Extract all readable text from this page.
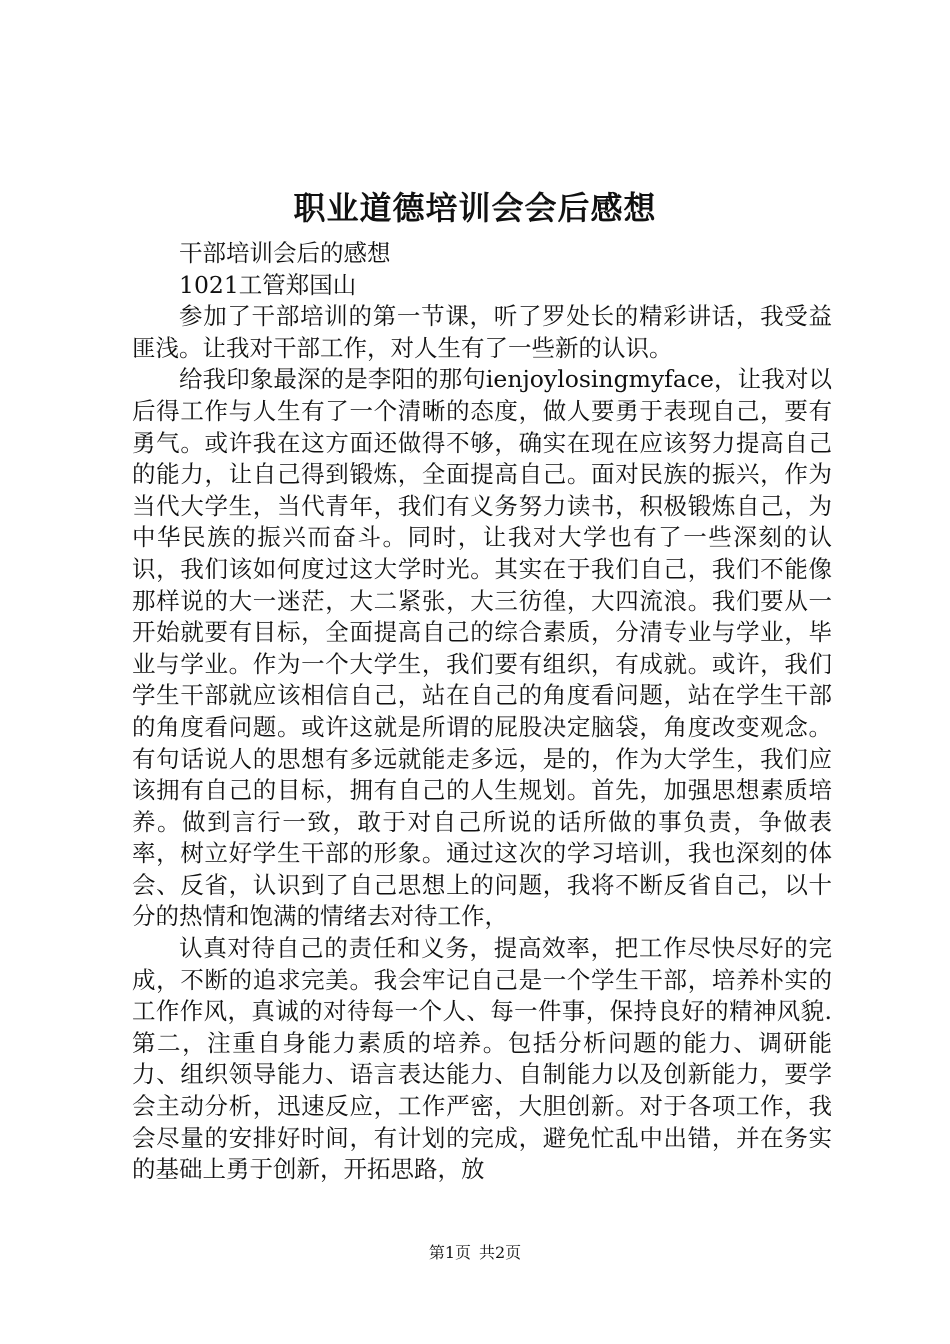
职业道德培训会会后感想

干部培训会后的感想

1021工管郑国山

参加了干部培训的第一节课，听了罗处长的精彩讲话，我受益匪浅。让我对干部工作，对人生有了一些新的认识。

给我印象最深的是李阳的那句ienjoylosingmyface，让我对以后得工作与人生有了一个清晰的态度，做人要勇于表现自己，要有勇气。或许我在这方面还做得不够，确实在现在应该努力提高自己的能力，让自己得到锻炼，全面提高自己。面对民族的振兴，作为当代大学生，当代青年，我们有义务努力读书，积极锻炼自己，为中华民族的振兴而奋斗。同时，让我对大学也有了一些深刻的认识，我们该如何度过这大学时光。其实在于我们自己，我们不能像那样说的大一迷茫，大二紧张，大三彷徨，大四流浪。我们要从一开始就要有目标，全面提高自己的综合素质，分清专业与学业，毕业与学业。作为一个大学生，我们要有组织，有成就。或许，我们学生干部就应该相信自己，站在自己的角度看问题，站在学生干部的角度看问题。或许这就是所谓的屁股决定脑袋，角度改变观念。有句话说人的思想有多远就能走多远，是的，作为大学生，我们应该拥有自己的目标，拥有自己的人生规划。首先，加强思想素质培养。做到言行一致，敢于对自己所说的话所做的事负责，争做表率，树立好学生干部的形象。通过这次的学习培训，我也深刻的体会、反省，认识到了自己思想上的问题，我将不断反省自己，以十分的热情和饱满的情绪去对待工作，

认真对待自己的责任和义务，提高效率，把工作尽快尽好的完成，不断的追求完美。我会牢记自己是一个学生干部，培养朴实的工作作风，真诚的对待每一个人、每一件事，保持良好的精神风貌.第二，注重自身能力素质的培养。包括分析问题的能力、调研能力、组织领导能力、语言表达能力、自制能力以及创新能力，要学会主动分析，迅速反应，工作严密，大胆创新。对于各项工作，我会尽量的安排好时间，有计划的完成，避免忙乱中出错，并在务实的基础上勇于创新，开拓思路，放

第1页 共2页
